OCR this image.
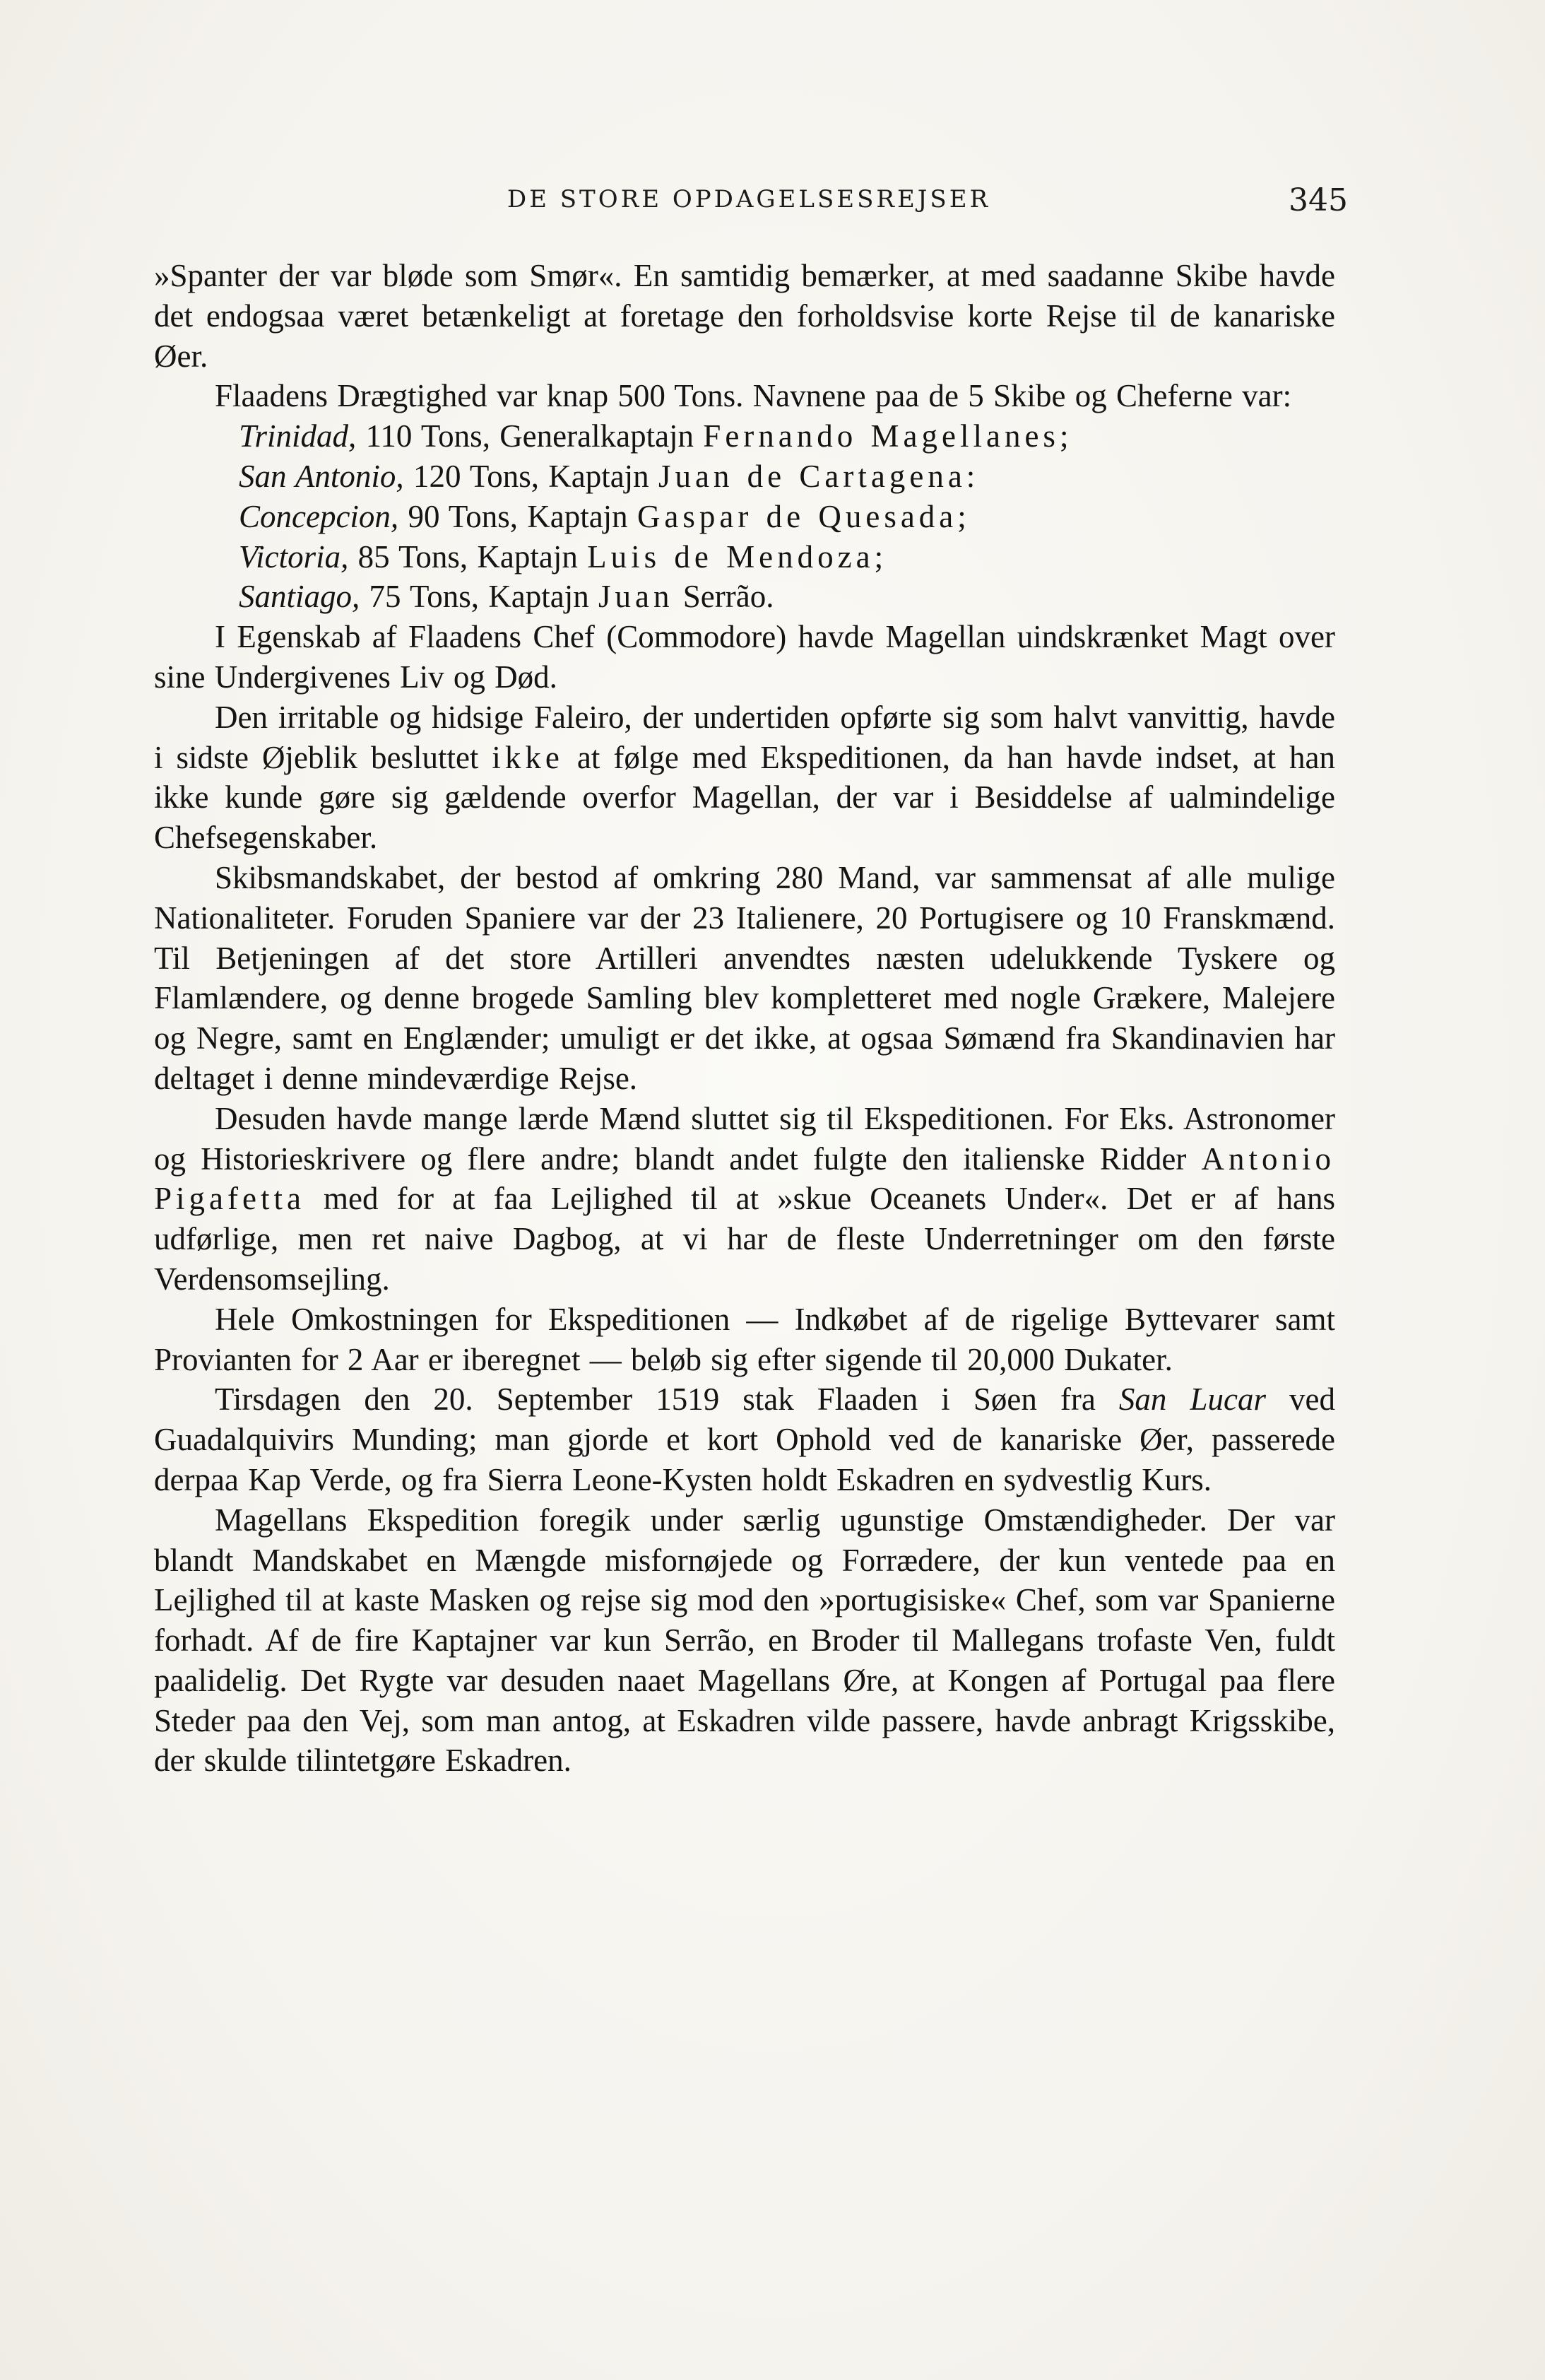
DE STORE OPDAGELSESREJSER	345

»Spanter der var bløde som Smør«. En samtidig bemærker, at med saadanne Skibe havde det endogsaa været betænkeligt at foretage den forholdsvise korte Rejse til de kanariske Øer.

Flaadens Drægtighed var knap 500 Tons. Navnene paa de 5 Skibe og Cheferne var:

Trinidad, 110 Tons, Generalkaptajn Fernando Magellanes;
San Antonio, 120 Tons, Kaptajn Juan de Cartagena:
Concepcion, 90 Tons, Kaptajn Gaspar de Quesada;
Victoria, 85 Tons, Kaptajn Luis de Mendoza;
Santiago, 75 Tons, Kaptajn Juan Serrão.

I Egenskab af Flaadens Chef (Commodore) havde Magellan uindskrænket Magt over sine Undergivenes Liv og Død.

Den irritable og hidsige Faleiro, der undertiden opførte sig som halvt vanvittig, havde i sidste Øjeblik besluttet ikke at følge med Ekspeditionen, da han havde indset, at han ikke kunde gøre sig gældende overfor Magellan, der var i Besiddelse af ualmindelige Chefsegenskaber.

Skibsmandskabet, der bestod af omkring 280 Mand, var sammensat af alle mulige Nationaliteter. Foruden Spaniere var der 23 Italienere, 20 Portugisere og 10 Franskmænd. Til Betjeningen af det store Artilleri anvendtes næsten udelukkende Tyskere og Flamlændere, og denne brogede Samling blev kompletteret med nogle Grækere, Malejere og Negre, samt en Englænder; umuligt er det ikke, at ogsaa Sømænd fra Skandinavien har deltaget i denne mindeværdige Rejse.

Desuden havde mange lærde Mænd sluttet sig til Ekspeditionen. For Eks. Astronomer og Historieskrivere og flere andre; blandt andet fulgte den italienske Ridder Antonio Pigafetta med for at faa Lejlighed til at »skue Oceanets Under«. Det er af hans udførlige, men ret naive Dagbog, at vi har de fleste Underretninger om den første Verdensomsejling.

Hele Omkostningen for Ekspeditionen — Indkøbet af de rigelige Byttevarer samt Provianten for 2 Aar er iberegnet — beløb sig efter sigende til 20,000 Dukater.

Tirsdagen den 20. September 1519 stak Flaaden i Søen fra San Lucar ved Guadalquivirs Munding; man gjorde et kort Ophold ved de kanariske Øer, passerede derpaa Kap Verde, og fra Sierra Leone-Kysten holdt Eskadren en sydvestlig Kurs.

Magellans Ekspedition foregik under særlig ugunstige Omstændigheder. Der var blandt Mandskabet en Mængde misfornøjede og Forrædere, der kun ventede paa en Lejlighed til at kaste Masken og rejse sig mod den »portugisiske« Chef, som var Spanierne forhadt. Af de fire Kaptajner var kun Serrão, en Broder til Mallegans trofaste Ven, fuldt paalidelig. Det Rygte var desuden naaet Magellans Øre, at Kongen af Portugal paa flere Steder paa den Vej, som man antog, at Eskadren vilde passere, havde anbragt Krigsskibe, der skulde tilintetgøre Eskadren.
